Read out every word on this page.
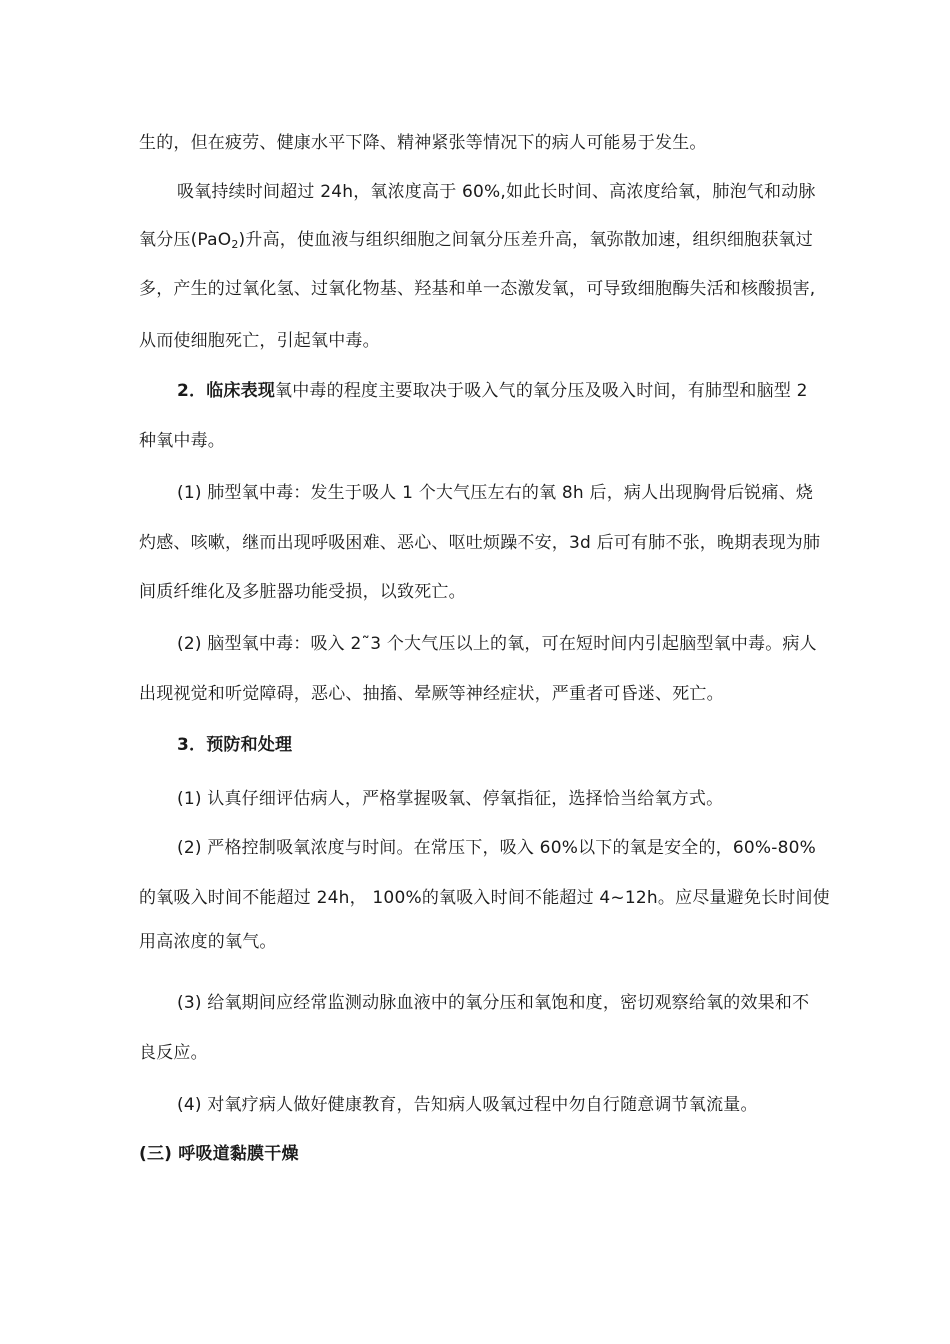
生的，但在疲劳、健康水平下降、精神紧张等情况下的病人可能易于发生。
吸氧持续时间超过 24h，氧浓度高于 60%,如此长时间、高浓度给氧，肺泡气和动脉
氧分压(PaO$_2$)升高，使血液与组织细胞之间氧分压差升高，氧弥散加速，组织细胞获氧过
多，产生的过氧化氢、过氧化物基、羟基和单一态激发氧，可导致细胞酶失活和核酸损害,
从而使细胞死亡，引起氧中毒。
2．临床表现氧中毒的程度主要取决于吸入气的氧分压及吸入时间，有肺型和脑型 2
种氧中毒。
(1) 肺型氧中毒：发生于吸人 1 个大气压左右的氧 8h 后，病人出现胸骨后锐痛、烧
灼感、咳嗽，继而出现呼吸困难、恶心、呕吐烦躁不安，3d 后可有肺不张，晚期表现为肺
间质纤维化及多脏器功能受损，以致死亡。
(2) 脑型氧中毒：吸入 2˜3 个大气压以上的氧，可在短时间内引起脑型氧中毒。病人
出现视觉和听觉障碍，恶心、抽搐、晕厥等神经症状，严重者可昏迷、死亡。
3．预防和处理
(1) 认真仔细评估病人，严格掌握吸氧、停氧指征，选择恰当给氧方式。
(2) 严格控制吸氧浓度与时间。在常压下，吸入 60%以下的氧是安全的，60%-80%
的氧吸入时间不能超过 24h， 100%的氧吸入时间不能超过 4~12h。应尽量避免长时间使
用高浓度的氧气。
(3) 给氧期间应经常监测动脉血液中的氧分压和氧饱和度，密切观察给氧的效果和不
良反应。
(4) 对氧疗病人做好健康教育，告知病人吸氧过程中勿自行随意调节氧流量。
(三) 呼吸道黏膜干燥
